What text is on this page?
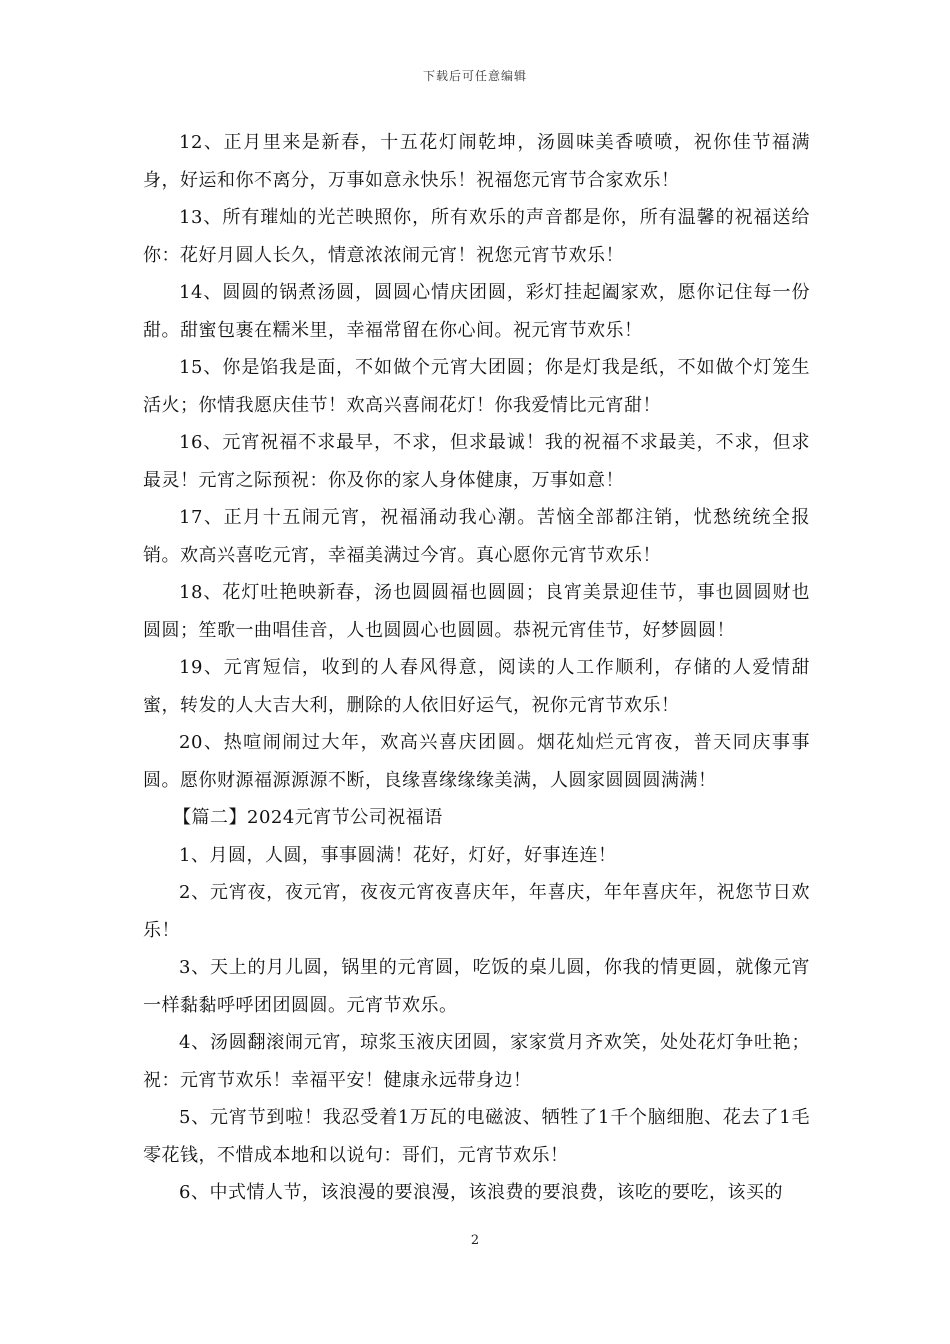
下载后可任意编辑

12、正月里来是新春，十五花灯闹乾坤，汤圆味美香喷喷，祝你佳节福满身，好运和你不离分，万事如意永快乐！祝福您元宵节合家欢乐！

13、所有璀灿的光芒映照你，所有欢乐的声音都是你，所有温馨的祝福送给你：花好月圆人长久，情意浓浓闹元宵！祝您元宵节欢乐！

14、圆圆的锅煮汤圆，圆圆心情庆团圆，彩灯挂起阖家欢，愿你记住每一份甜。甜蜜包裹在糯米里，幸福常留在你心间。祝元宵节欢乐！

15、你是馅我是面，不如做个元宵大团圆；你是灯我是纸，不如做个灯笼生活火；你情我愿庆佳节！欢高兴喜闹花灯！你我爱情比元宵甜！

16、元宵祝福不求最早，不求，但求最诚！我的祝福不求最美，不求，但求最灵！元宵之际预祝：你及你的家人身体健康，万事如意！

17、正月十五闹元宵，祝福涌动我心潮。苦恼全部都注销，忧愁统统全报销。欢高兴喜吃元宵，幸福美满过今宵。真心愿你元宵节欢乐！

18、花灯吐艳映新春，汤也圆圆福也圆圆；良宵美景迎佳节，事也圆圆财也圆圆；笙歌一曲唱佳音，人也圆圆心也圆圆。恭祝元宵佳节，好梦圆圆！

19、元宵短信，收到的人春风得意，阅读的人工作顺利，存储的人爱情甜蜜，转发的人大吉大利，删除的人依旧好运气，祝你元宵节欢乐！

20、热喧闹闹过大年，欢高兴喜庆团圆。烟花灿烂元宵夜，普天同庆事事圆。愿你财源福源源源不断，良缘喜缘缘缘美满，人圆家圆圆圆满满！

【篇二】2024元宵节公司祝福语

1、月圆，人圆，事事圆满！花好，灯好，好事连连！

2、元宵夜，夜元宵，夜夜元宵夜喜庆年，年喜庆，年年喜庆年，祝您节日欢乐！

3、天上的月儿圆，锅里的元宵圆，吃饭的桌儿圆，你我的情更圆，就像元宵一样黏黏呼呼团团圆圆。元宵节欢乐。

4、汤圆翻滚闹元宵，琼浆玉液庆团圆，家家赏月齐欢笑，处处花灯争吐艳；祝：元宵节欢乐！幸福平安！健康永远带身边！

5、元宵节到啦！我忍受着1万瓦的电磁波、牺牲了1千个脑细胞、花去了1毛零花钱，不惜成本地和以说句：哥们，元宵节欢乐！

6、中式情人节，该浪漫的要浪漫，该浪费的要浪费，该吃的要吃，该买的

2
